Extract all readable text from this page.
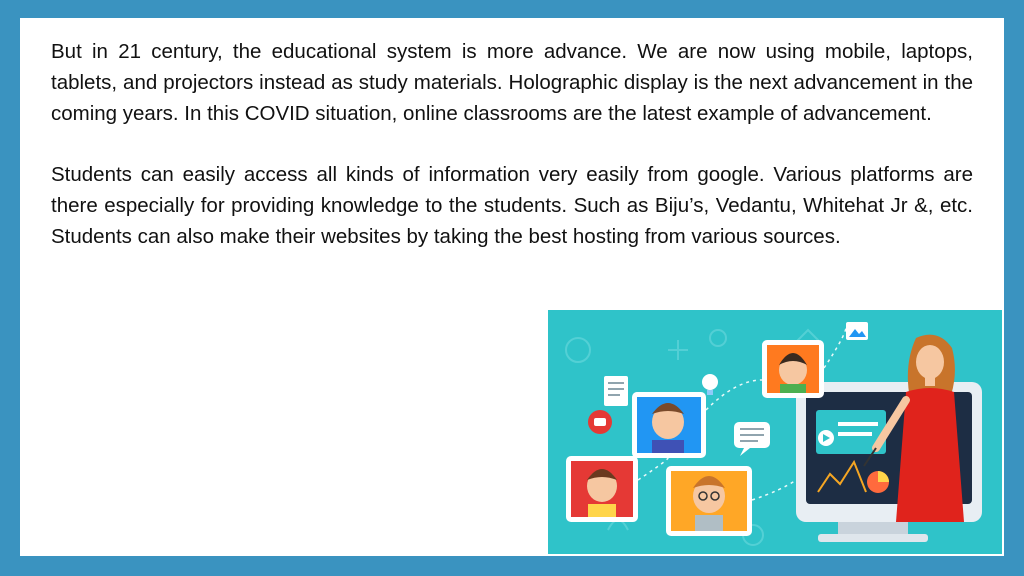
But in 21 century, the educational system is more advance. We are now using mobile, laptops, tablets, and projectors instead as study materials. Holographic display is the next advancement in the coming years. In this COVID situation, online classrooms are the latest example of advancement.

Students can easily access all kinds of information very easily from google. Various platforms are there especially for providing knowledge to the students. Such as Biju’s, Vedantu, Whitehat Jr &, etc. Students can also make their websites by taking the best hosting from various sources.
